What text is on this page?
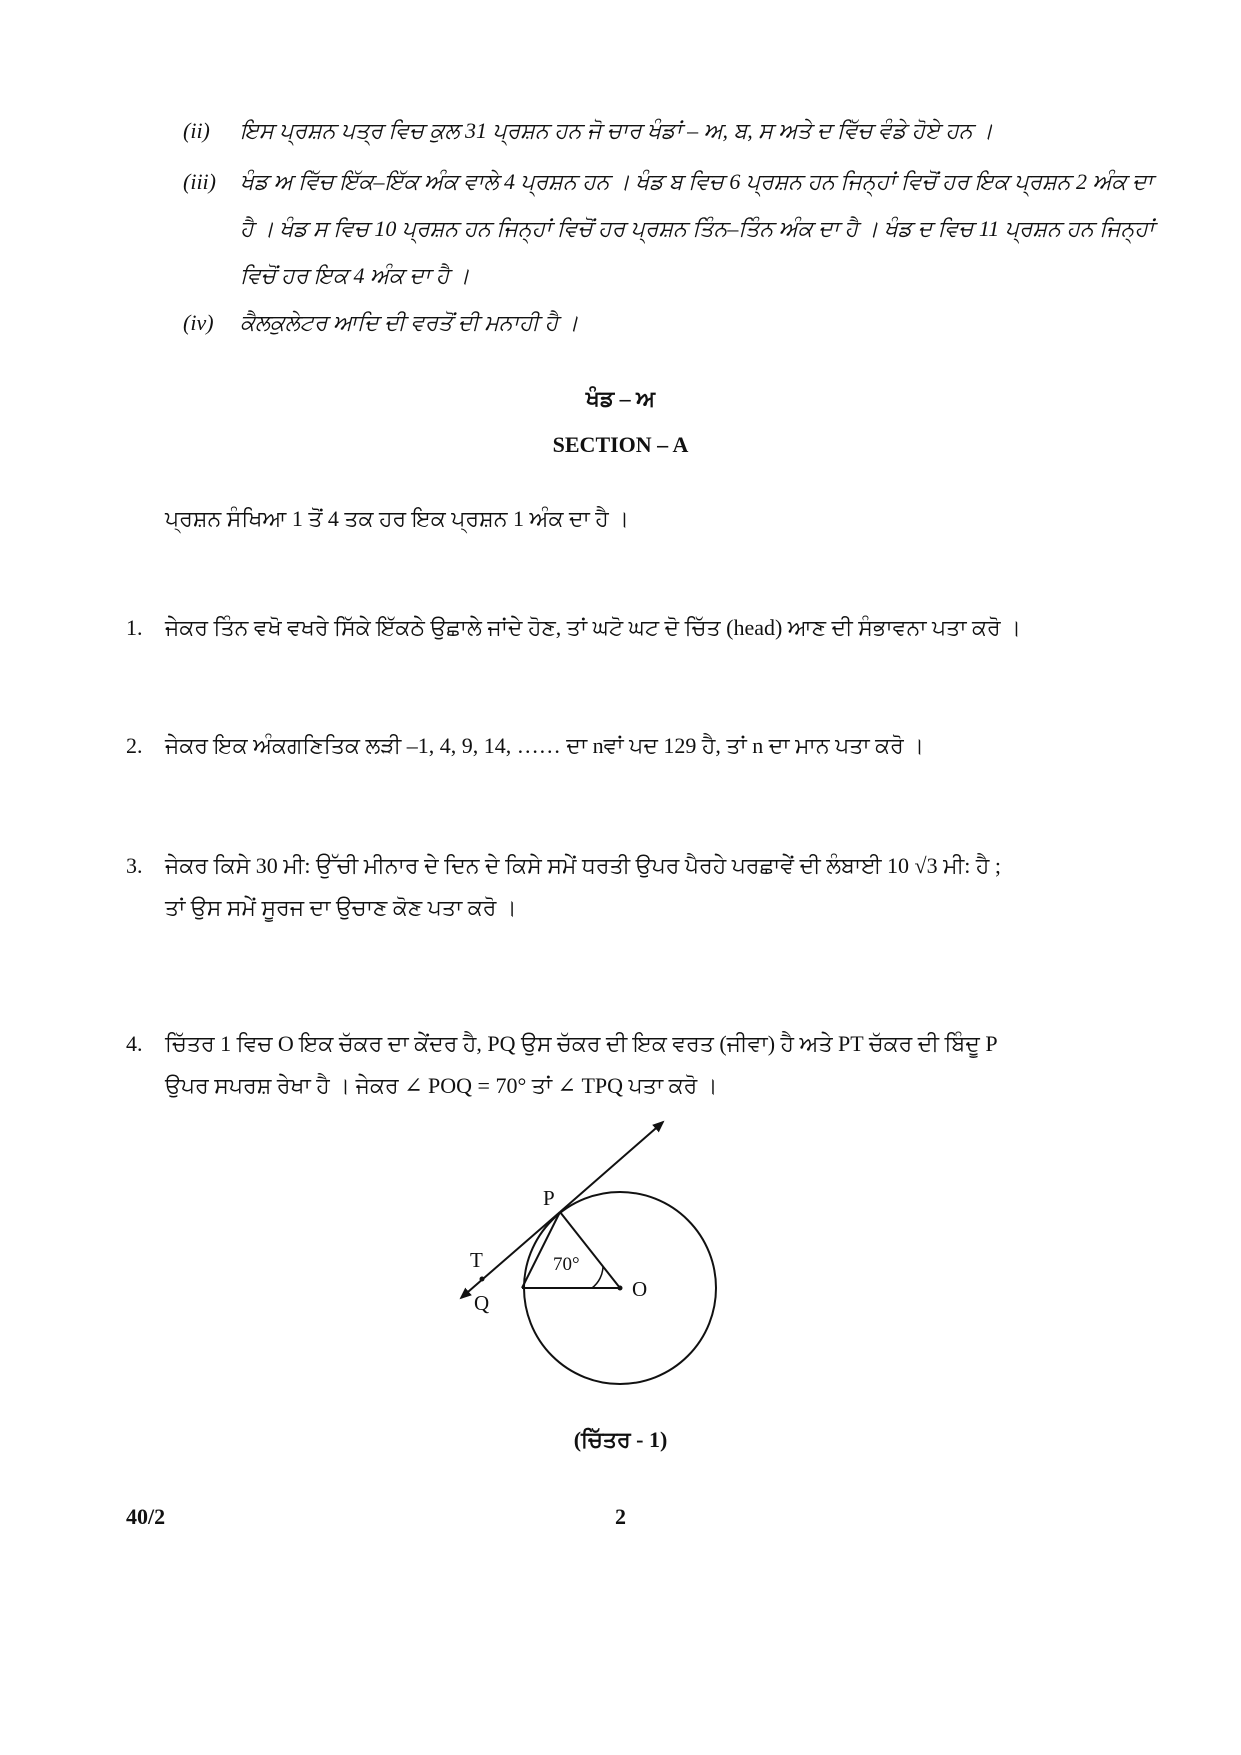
(ii)	ਇਸ ਪ੍ਰਸ਼ਨ ਪਤ੍ਰ ਵਿਚ ਕੁਲ 31 ਪ੍ਰਸ਼ਨ ਹਨ ਜੋ ਚਾਰ ਖੰਡਾਂ – ਅ, ਬ, ਸ ਅਤੇ ਦ ਵਿੱਚ ਵੰਡੇ ਹੋਏ ਹਨ ।
(iii)	ਖੰਡ ਅ ਵਿੱਚ ਇੱਕ–ਇੱਕ ਅੰਕ ਵਾਲੇ 4 ਪ੍ਰਸ਼ਨ ਹਨ । ਖੰਡ ਬ ਵਿਚ 6 ਪ੍ਰਸ਼ਨ ਹਨ ਜਿਨ੍ਹਾਂ ਵਿਚੋਂ ਹਰ ਇਕ ਪ੍ਰਸ਼ਨ 2 ਅੰਕ ਦਾ
ਹੈ । ਖੰਡ ਸ ਵਿਚ 10 ਪ੍ਰਸ਼ਨ ਹਨ ਜਿਨ੍ਹਾਂ ਵਿਚੋਂ ਹਰ ਪ੍ਰਸ਼ਨ ਤਿੰਨ–ਤਿੰਨ ਅੰਕ ਦਾ ਹੈ । ਖੰਡ ਦ ਵਿਚ 11 ਪ੍ਰਸ਼ਨ ਹਨ ਜਿਨ੍ਹਾਂ
ਵਿਚੋਂ ਹਰ ਇਕ 4 ਅੰਕ ਦਾ ਹੈ ।
(iv)	ਕੈਲਕੁਲੇਟਰ ਆਦਿ ਦੀ ਵਰਤੋਂ ਦੀ ਮਨਾਹੀ ਹੈ ।
ਖੰਡ – ਅ
SECTION – A
ਪ੍ਰਸ਼ਨ ਸੰਖਿਆ 1 ਤੋਂ 4 ਤਕ ਹਰ ਇਕ ਪ੍ਰਸ਼ਨ 1 ਅੰਕ ਦਾ ਹੈ ।
1.	ਜੇਕਰ ਤਿੰਨ ਵਖੋ ਵਖਰੇ ਸਿੱਕੇ ਇੱਕਠੇ ਉਛਾਲੇ ਜਾਂਦੇ ਹੋਣ, ਤਾਂ ਘਟੋ ਘਟ ਦੋ ਚਿੱਤ (head) ਆਣ ਦੀ ਸੰਭਾਵਨਾ ਪਤਾ ਕਰੋ ।
2.	ਜੇਕਰ ਇਕ ਅੰਕਗਣਿਤਿਕ ਲੜੀ –1, 4, 9, 14, …… ਦਾ nਵਾਂ ਪਦ 129 ਹੈ, ਤਾਂ n ਦਾ ਮਾਨ ਪਤਾ ਕਰੋ ।
3.	ਜੇਕਰ ਕਿਸੇ 30 ਮੀ: ਉੱਚੀ ਮੀਨਾਰ ਦੇ ਦਿਨ ਦੇ ਕਿਸੇ ਸਮੇਂ ਧਰਤੀ ਉਪਰ ਪੈਰਹੇ ਪਰਛਾਵੇਂ ਦੀ ਲੰਬਾਈ 10 √3 ਮੀ: ਹੈ ;
ਤਾਂ ਉਸ ਸਮੇਂ ਸੂਰਜ ਦਾ ਉਚਾਣ ਕੋਣ ਪਤਾ ਕਰੋ ।
4.	ਚਿੱਤਰ 1 ਵਿਚ O ਇਕ ਚੱਕਰ ਦਾ ਕੇਂਦਰ ਹੈ, PQ ਉਸ ਚੱਕਰ ਦੀ ਇਕ ਵਰਤ (ਜੀਵਾ) ਹੈ ਅਤੇ PT ਚੱਕਰ ਦੀ ਬਿੰਦੂ P
ਉਪਰ ਸਪਰਸ਼ ਰੇਖਾ ਹੈ । ਜੇਕਰ ∠ POQ = 70° ਤਾਂ ∠ TPQ ਪਤਾ ਕਰੋ ।
P
T
Q
O
70°
(ਚਿੱਤਰ - 1)
40/2	2
